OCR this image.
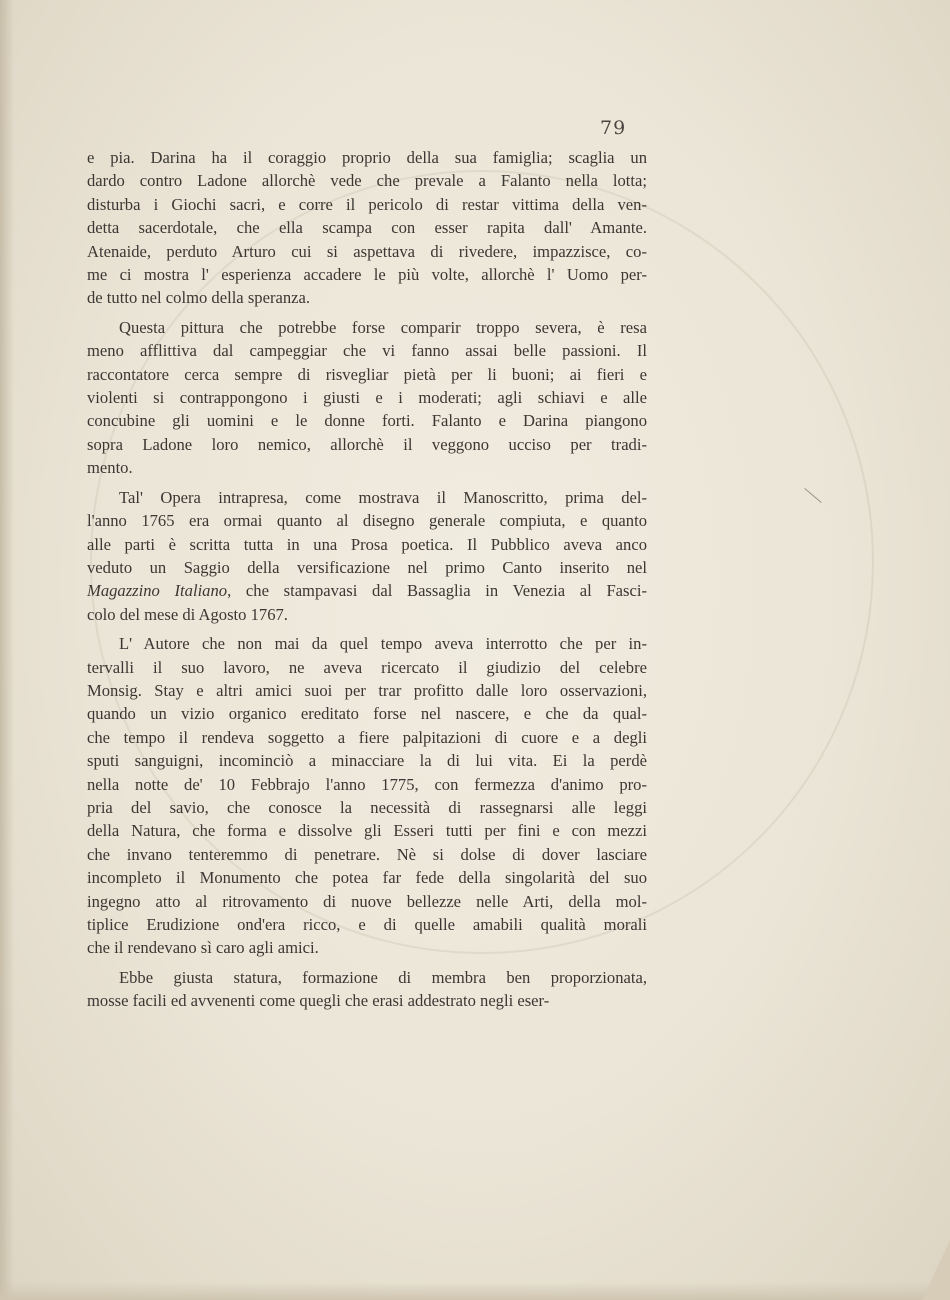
79
e pia. Darina ha il coraggio proprio della sua famiglia; scaglia un
dardo contro Ladone allorchè vede che prevale a Falanto nella lotta;
disturba i Giochi sacri, e corre il pericolo di restar vittima della ven-
detta sacerdotale, che ella scampa con esser rapita dall' Amante.
Atenaide, perduto Arturo cui si aspettava di rivedere, impazzisce, co-
me ci mostra l' esperienza accadere le più volte, allorchè l' Uomo per-
de tutto nel colmo della speranza.
Questa pittura che potrebbe forse comparir troppo severa, è resa
meno afflittiva dal campeggiar che vi fanno assai belle passioni. Il
raccontatore cerca sempre di risvegliar pietà per li buoni; ai fieri e
violenti si contrappongono i giusti e i moderati; agli schiavi e alle
concubine gli uomini e le donne forti. Falanto e Darina piangono
sopra Ladone loro nemico, allorchè il veggono ucciso per tradi-
mento.
Tal' Opera intrapresa, come mostrava il Manoscritto, prima del-
l'anno 1765 era ormai quanto al disegno generale compiuta, e quanto
alle parti è scritta tutta in una Prosa poetica. Il Pubblico aveva anco
veduto un Saggio della versificazione nel primo Canto inserito nel
Magazzino Italiano, che stampavasi dal Bassaglia in Venezia al Fasci-
colo del mese di Agosto 1767.
L' Autore che non mai da quel tempo aveva interrotto che per in-
tervalli il suo lavoro, ne aveva ricercato il giudizio del celebre
Monsig. Stay e altri amici suoi per trar profitto dalle loro osservazioni,
quando un vizio organico ereditato forse nel nascere, e che da qual-
che tempo il rendeva soggetto a fiere palpitazioni di cuore e a degli
sputi sanguigni, incominciò a minacciare la di lui vita. Ei la perdè
nella notte de' 10 Febbrajo l'anno 1775, con fermezza d'animo pro-
pria del savio, che conosce la necessità di rassegnarsi alle leggi
della Natura, che forma e dissolve gli Esseri tutti per fini e con mezzi
che invano tenteremmo di penetrare. Nè si dolse di dover lasciare
incompleto il Monumento che potea far fede della singolarità del suo
ingegno atto al ritrovamento di nuove bellezze nelle Arti, della mol-
tiplice Erudizione ond'era ricco, e di quelle amabili qualità morali
che il rendevano sì caro agli amici.
Ebbe giusta statura, formazione di membra ben proporzionata,
mosse facili ed avvenenti come quegli che erasi addestrato negli eser-
